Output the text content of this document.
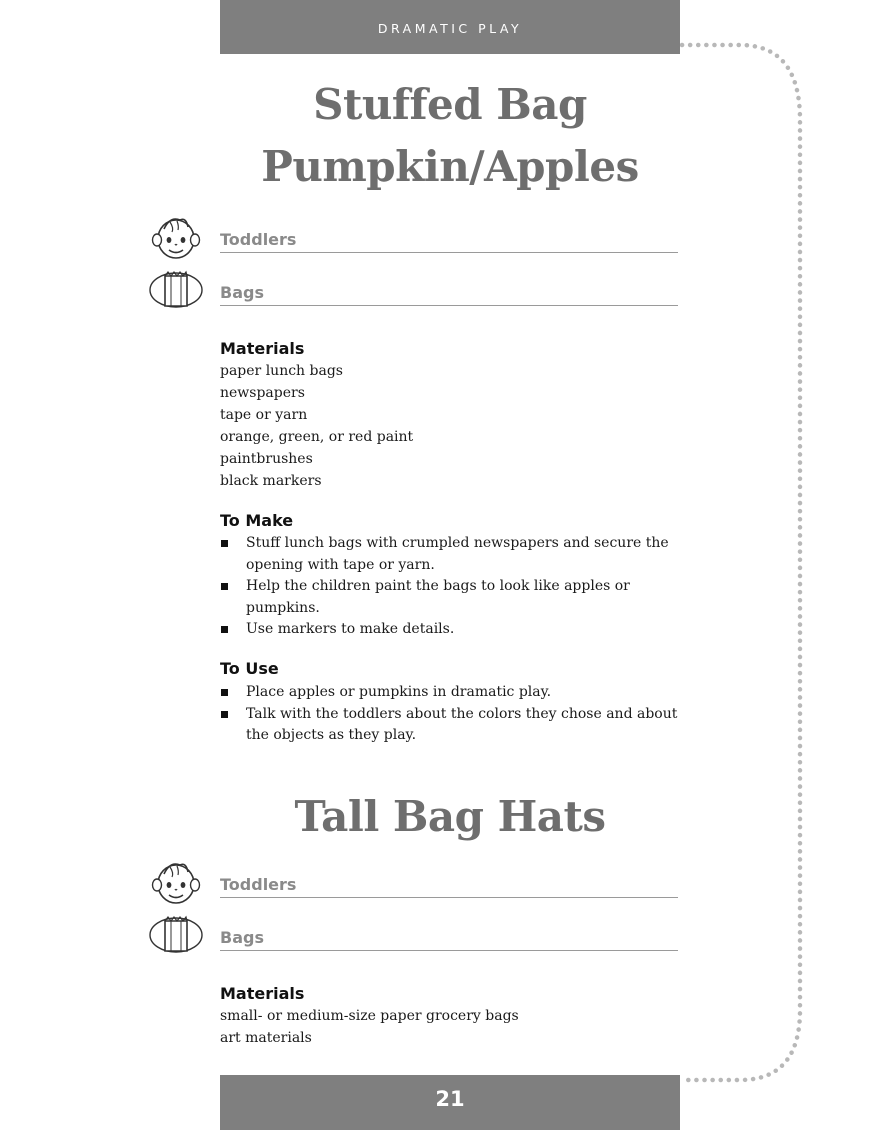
DRAMATIC PLAY
Stuffed Bag
Pumpkin/Apples
Toddlers
Bags
Materials
paper lunch bags
newspapers
tape or yarn
orange, green, or red paint
paintbrushes
black markers
To Make
Stuff lunch bags with crumpled newspapers and secure the opening with tape or yarn.
Help the children paint the bags to look like apples or pumpkins.
Use markers to make details.
To Use
Place apples or pumpkins in dramatic play.
Talk with the toddlers about the colors they chose and about the objects as they play.
Tall Bag Hats
Toddlers
Bags
Materials
small- or medium-size paper grocery bags
art materials
21
